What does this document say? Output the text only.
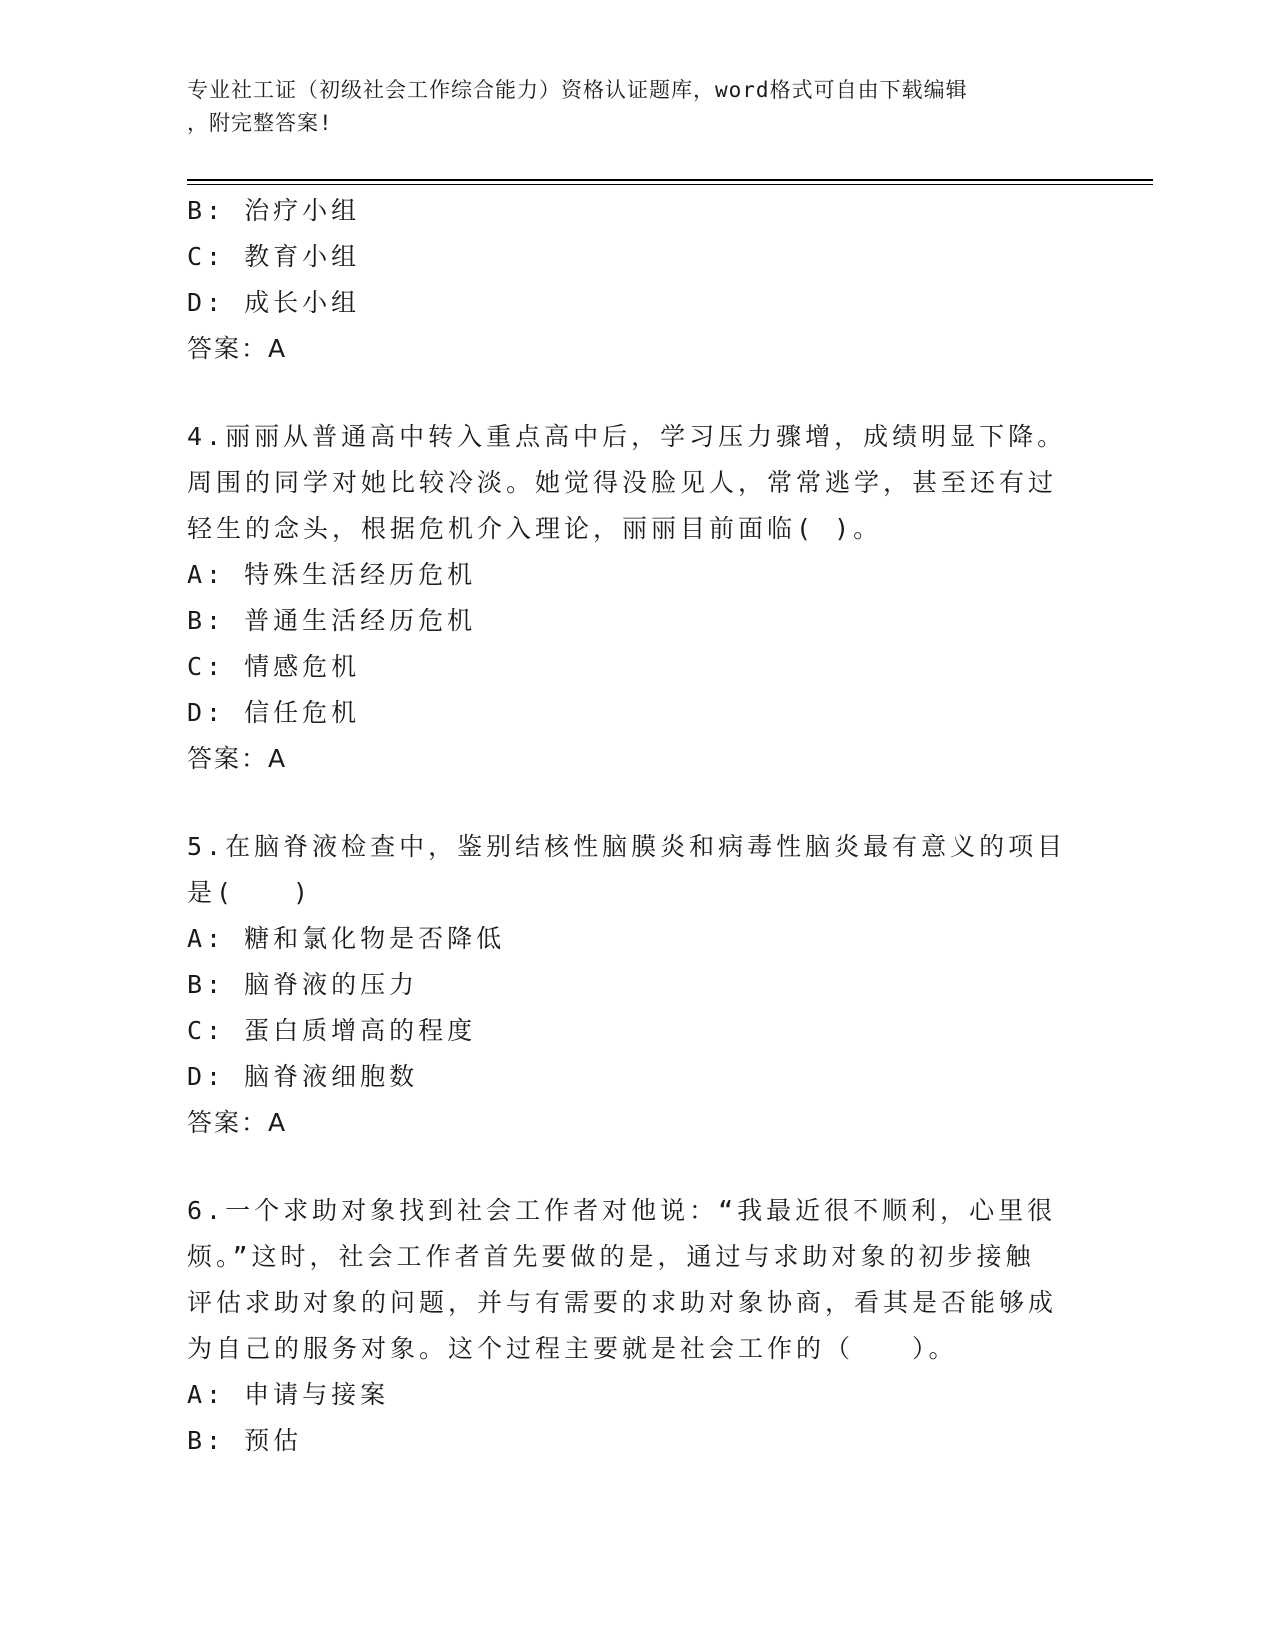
专业社工证（初级社会工作综合能力）资格认证题库，word格式可自由下载编辑
，附完整答案!
B: 治疗小组
C: 教育小组
D: 成长小组
答案：A
4.丽丽从普通高中转入重点高中后，学习压力骤增，成绩明显下降。
周围的同学对她比较冷淡。她觉得没脸见人，常常逃学，甚至还有过
轻生的念头，根据危机介入理论，丽丽目前面临( )。
A: 特殊生活经历危机
B: 普通生活经历危机
C: 情感危机
D: 信任危机
答案：A
5.在脑脊液检查中，鉴别结核性脑膜炎和病毒性脑炎最有意义的项目
是(　　)
A: 糖和氯化物是否降低
B: 脑脊液的压力
C: 蛋白质增高的程度
D: 脑脊液细胞数
答案：A
6.一个求助对象找到社会工作者对他说：“我最近很不顺利，心里很
烦。”这时，社会工作者首先要做的是，通过与求助对象的初步接触
评估求助对象的问题，并与有需要的求助对象协商，看其是否能够成
为自己的服务对象。这个过程主要就是社会工作的（　　）。
A: 申请与接案
B: 预估
